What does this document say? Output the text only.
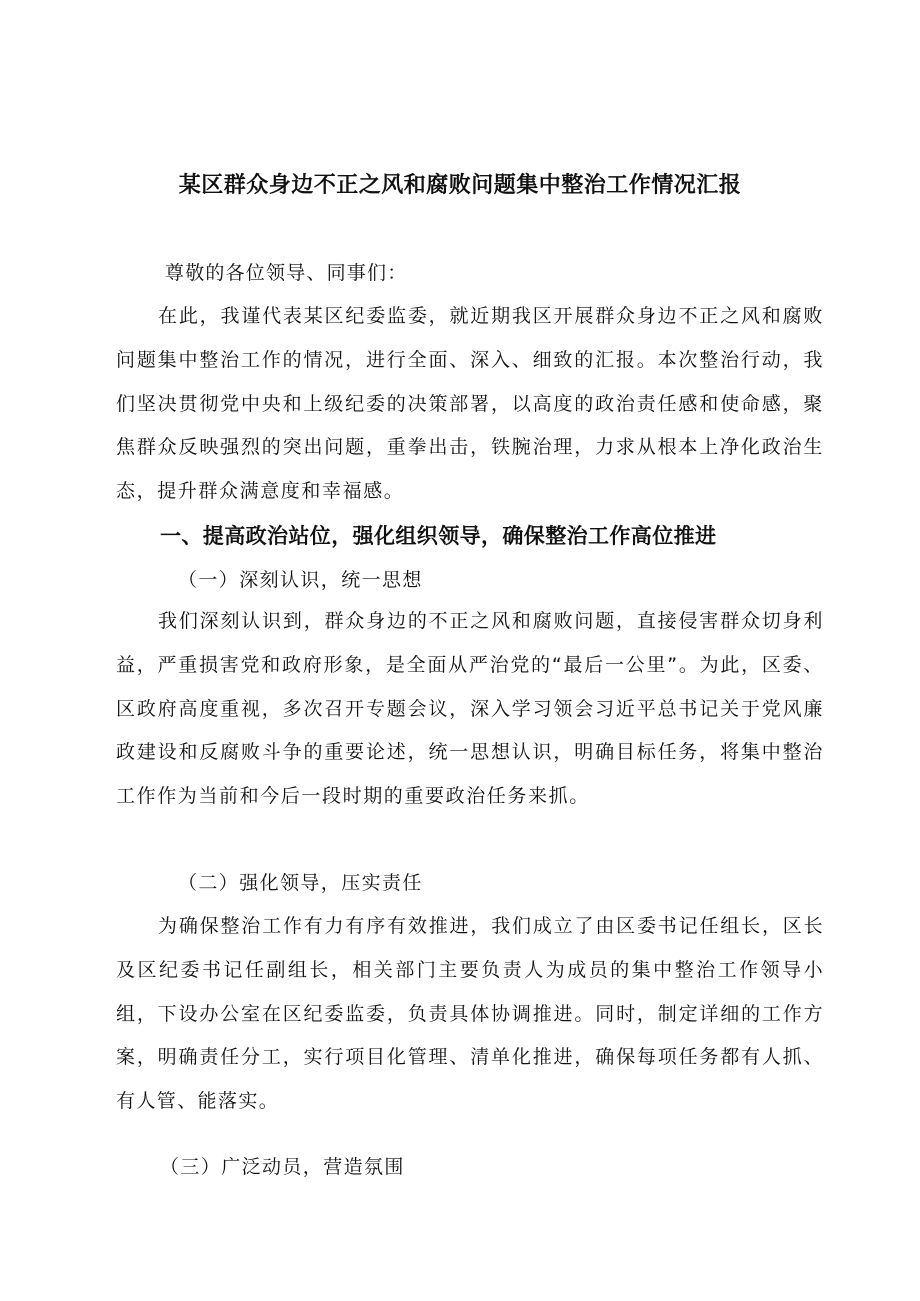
某区群众身边不正之风和腐败问题集中整治工作情况汇报
尊敬的各位领导、同事们：

在此，我谨代表某区纪委监委，就近期我区开展群众身边不正之风和腐败问题集中整治工作的情况，进行全面、深入、细致的汇报。本次整治行动，我们坚决贯彻党中央和上级纪委的决策部署，以高度的政治责任感和使命感，聚焦群众反映强烈的突出问题，重拳出击，铁腕治理，力求从根本上净化政治生态，提升群众满意度和幸福感。

一、提高政治站位，强化组织领导，确保整治工作高位推进
（一）深刻认识，统一思想

我们深刻认识到，群众身边的不正之风和腐败问题，直接侵害群众切身利益，严重损害党和政府形象，是全面从严治党的“最后一公里”。为此，区委、区政府高度重视，多次召开专题会议，深入学习领会习近平总书记关于党风廉政建设和反腐败斗争的重要论述，统一思想认识，明确目标任务，将集中整治工作作为当前和今后一段时期的重要政治任务来抓。

（二）强化领导，压实责任

为确保整治工作有力有序有效推进，我们成立了由区委书记任组长，区长及区纪委书记任副组长，相关部门主要负责人为成员的集中整治工作领导小组，下设办公室在区纪委监委，负责具体协调推进。同时，制定详细的工作方案，明确责任分工，实行项目化管理、清单化推进，确保每项任务都有人抓、有人管、能落实。

（三）广泛动员，营造氛围
